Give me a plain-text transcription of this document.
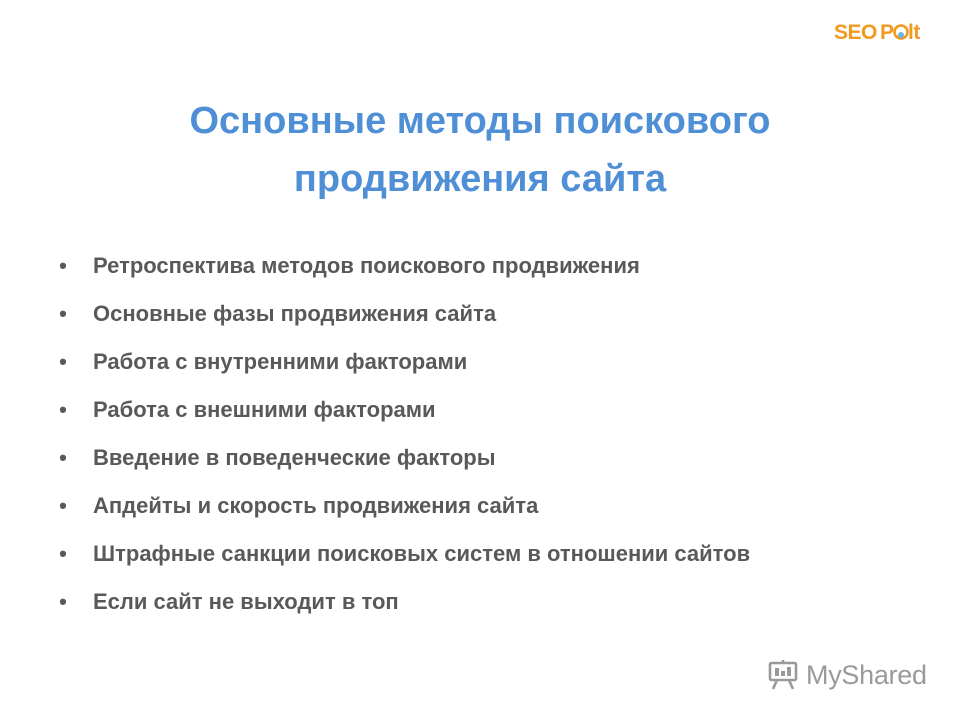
SEO lt
P
Основные методы поискового
продвижения сайта
• Ретроспектива методов поискового продвижения
• Основные фазы продвижения сайта
• Работа с внутренними факторами
• Работа с внешними факторами
• Введение в поведенческие факторы
• Апдейты и скорость продвижения сайта
• Штрафные санкции поисковых систем в отношении сайтов
• Если сайт не выходит в топ
MyShared
